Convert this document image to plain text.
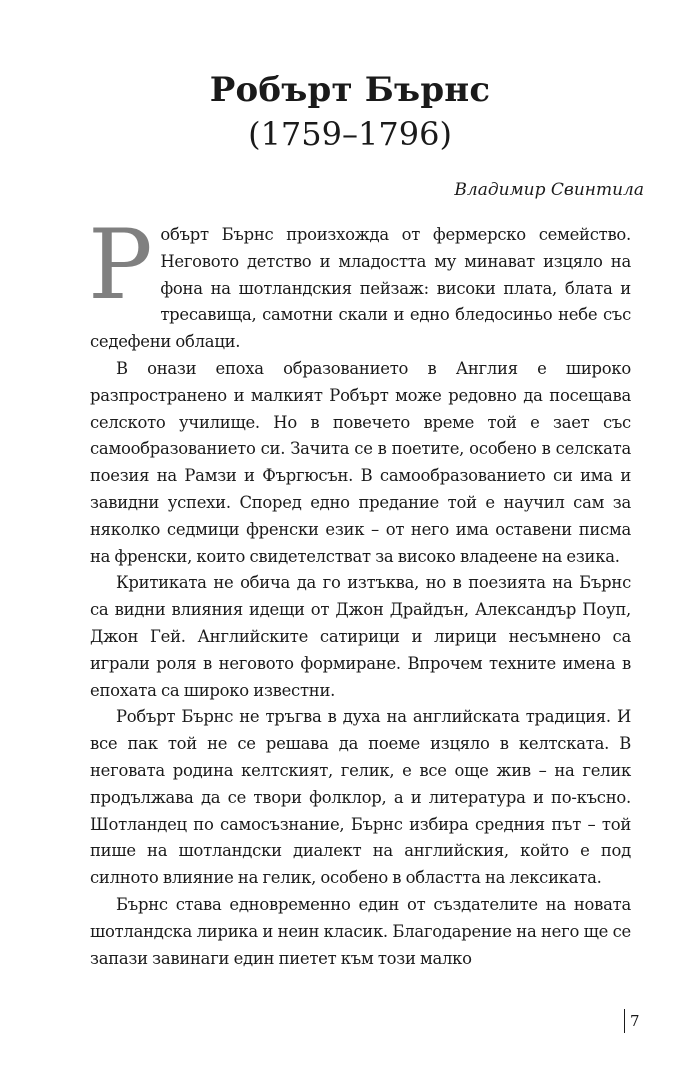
Робърт Бърнс
(1759–1796)
Владимир Свинтила

Робърт Бърнс произхожда от фермерско семейство. Неговото детство и младостта му минават изцяло на фона на шотландския пейзаж: високи плата, блата и тресавища, самотни скали и едно бледосиньо небе със седефени облаци.

В онази епоха образованието в Англия е широко разпространено и малкият Робърт може редовно да посещава селското училище. Но в повечето време той е зает със самообразованието си. Зачита се в поетите, особено в селската поезия на Рамзи и Фъргюсън. В самообразованието си има и завидни успехи. Според едно предание той е научил сам за няколко седмици френски език – от него има оставени писма на френски, които свидетелстват за високо владеене на езика.

Критиката не обича да го изтъква, но в поезията на Бърнс са видни влияния идещи от Джон Драйдън, Александър Поуп, Джон Гей. Английските сатирици и лирици несъмнено са играли роля в неговото формиране. Впрочем техните имена в епохата са широко известни.

Робърт Бърнс не тръгва в духа на английската традиция. И все пак той не се решава да поеме изцяло в келтската. В неговата родина келтският, гелик, е все още жив – на гелик продължава да се твори фолклор, а и литература и по-късно. Шотландец по самосъзнание, Бърнс избира средния път – той пише на шотландски диалект на английския, който е под силното влияние на гелик, особено в областта на лексиката.

Бърнс става едновременно един от създателите на новата шотландска лирика и неин класик. Благодарение на него ще се запази завинаги един пиетет към този малко

7
